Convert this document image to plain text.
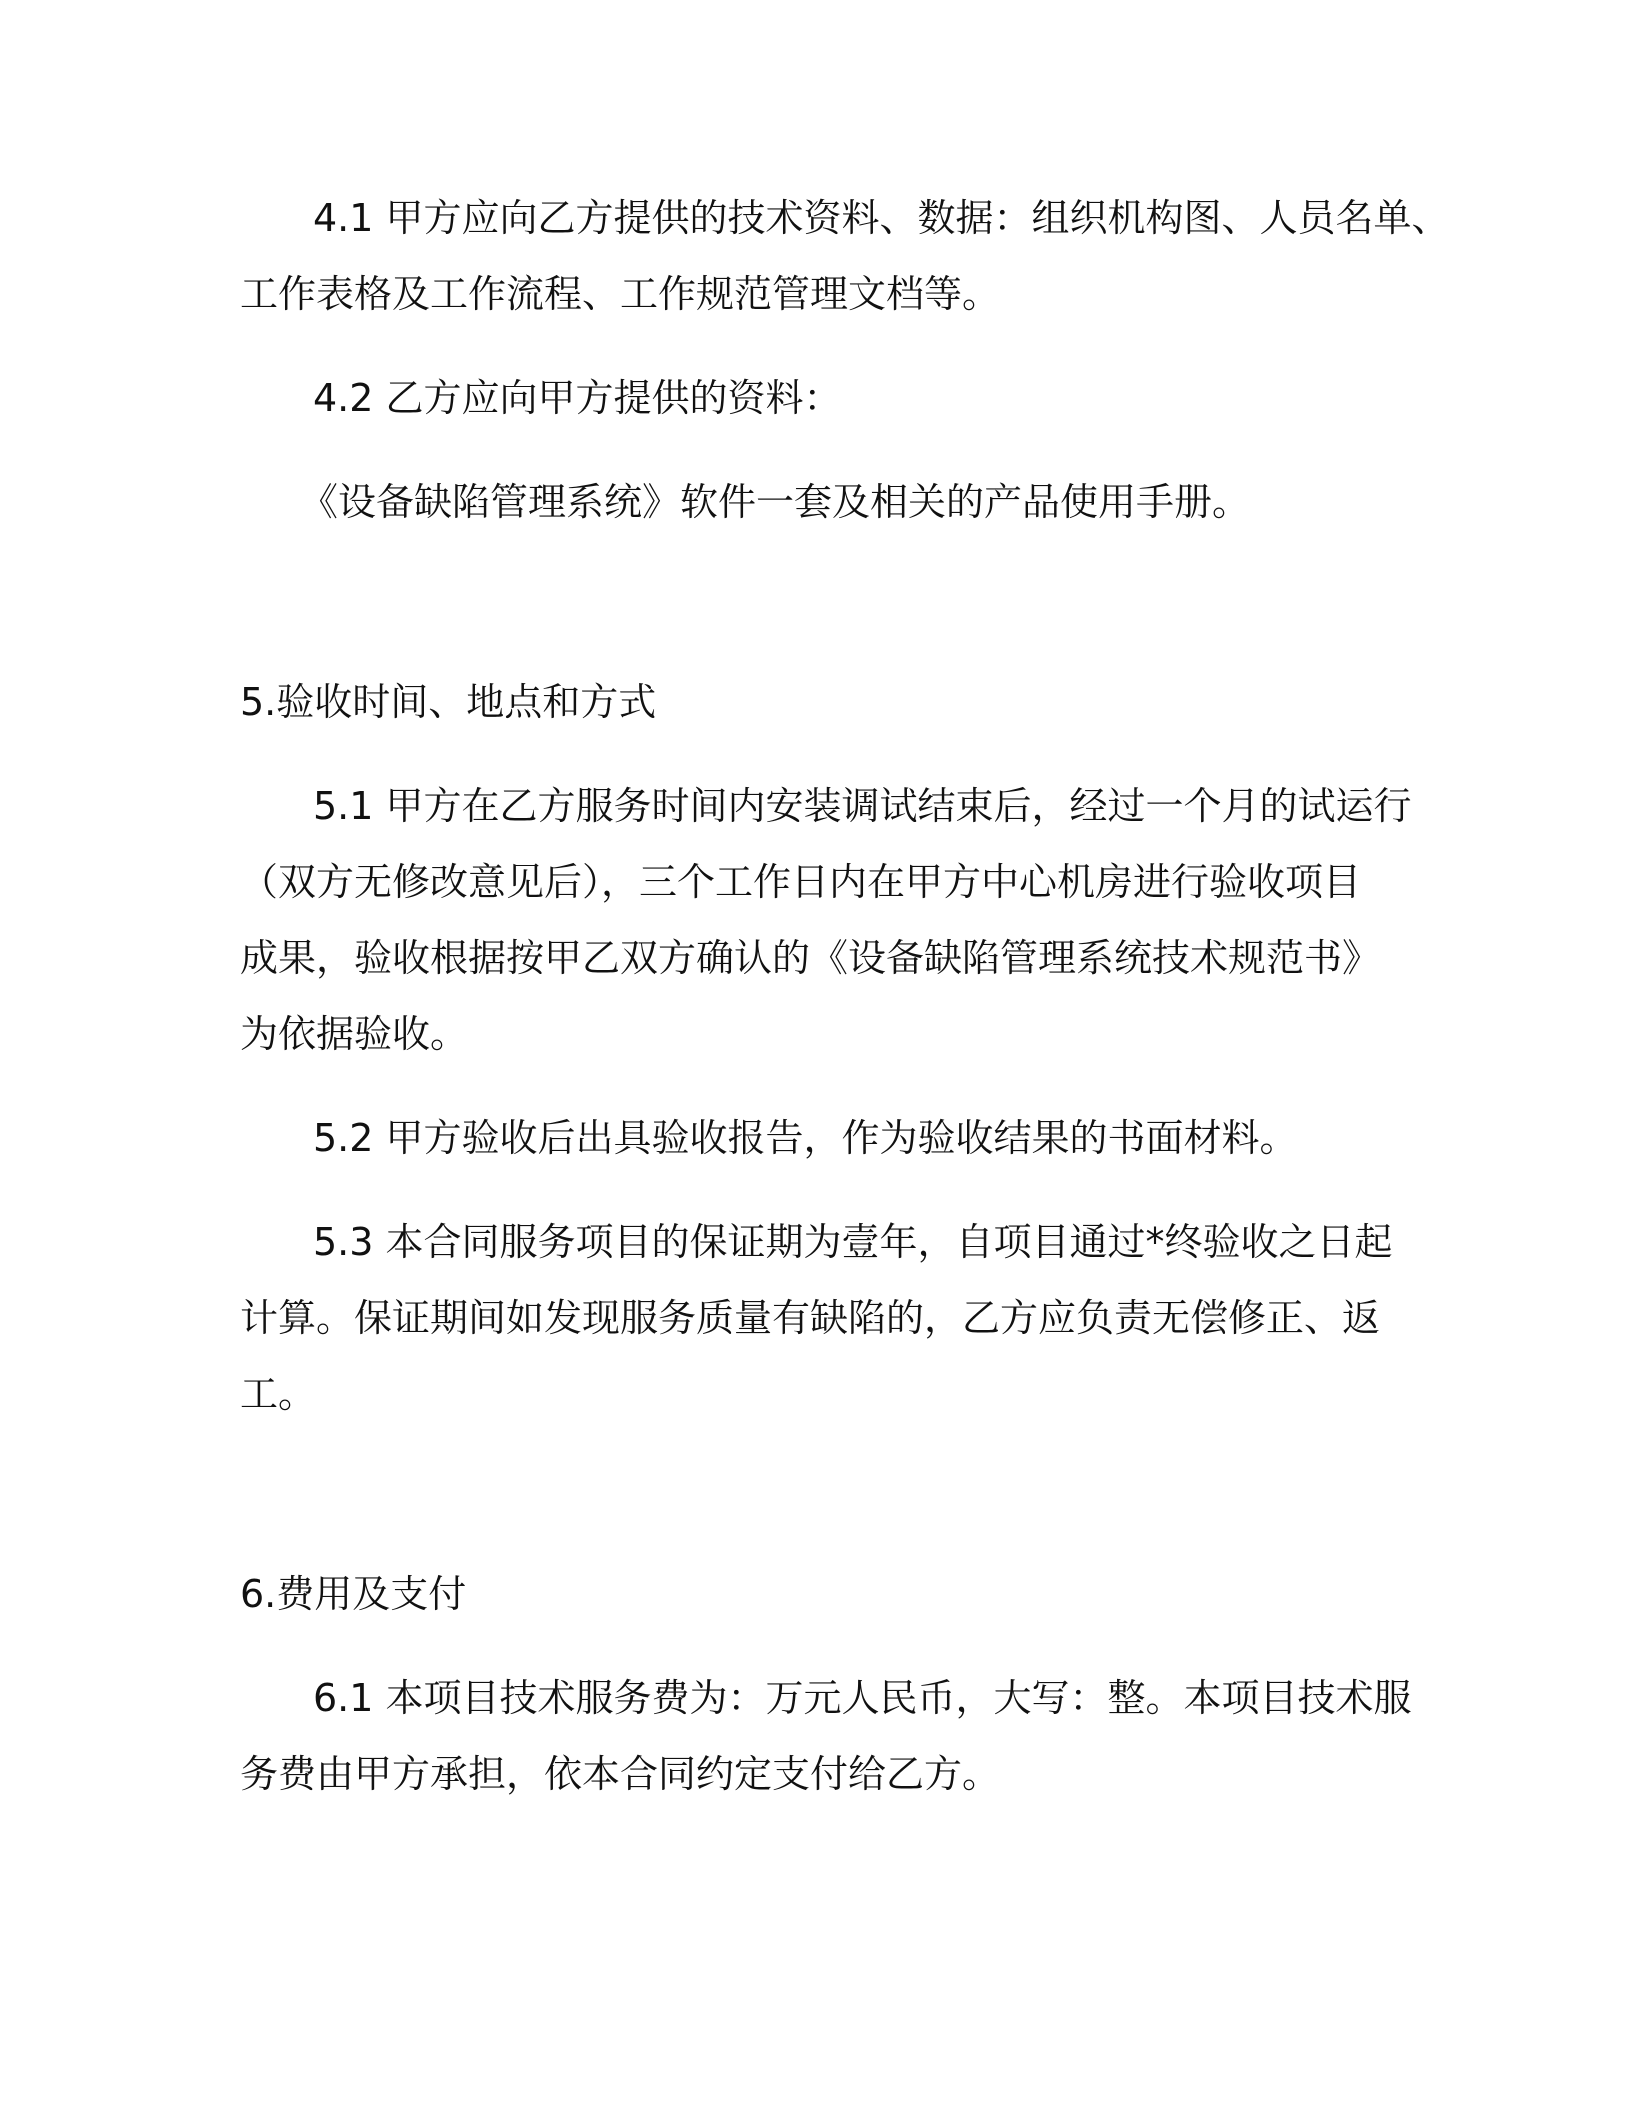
4.1 甲方应向乙方提供的技术资料、数据：组织机构图、人员名单、
工作表格及工作流程、工作规范管理文档等。
4.2 乙方应向甲方提供的资料：
《设备缺陷管理系统》软件一套及相关的产品使用手册。
5.验收时间、地点和方式
5.1 甲方在乙方服务时间内安装调试结束后，经过一个月的试运行
（双方无修改意见后），三个工作日内在甲方中心机房进行验收项目
成果，验收根据按甲乙双方确认的《设备缺陷管理系统技术规范书》
为依据验收。
5.2 甲方验收后出具验收报告，作为验收结果的书面材料。
5.3 本合同服务项目的保证期为壹年，自项目通过*终验收之日起
计算。保证期间如发现服务质量有缺陷的，乙方应负责无偿修正、返
工。
6.费用及支付
6.1 本项目技术服务费为：万元人民币，大写：整。本项目技术服
务费由甲方承担，依本合同约定支付给乙方。
